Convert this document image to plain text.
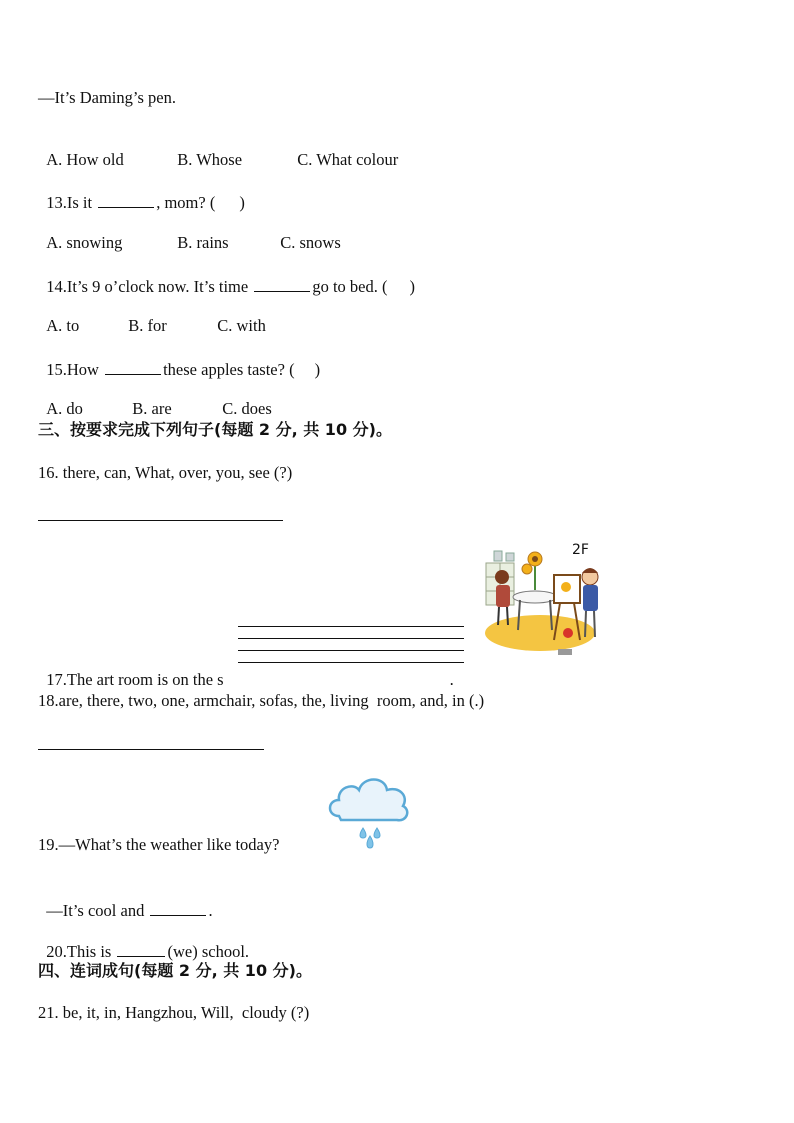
—It’s Daming’s pen.

A. How old	B. Whose	C. What colour

13.Is it	, mom? ( )

A. snowing	B. rains	C. snows

14.It’s 9 o’clock now. It’s time	go to bed. ( )

A. to	B. for	C. with

15.How	these apples taste? ( )

A. do	B. are	C. does

三、按要求完成下列句子(每题 2 分, 共 10 分)。
16. there, can, What, over, you, see (?)
2F

17.The art room is on the s	.

18.are, there, two, one, armchair, sofas, the, living  room, and, in (.)
19.—What’s the weather like today?

—It’s cool and	.

20.This is	(we) school.

四、连词成句(每题 2 分, 共 10 分)。
21. be, it, in, Hangzhou, Will,  cloudy (?)
